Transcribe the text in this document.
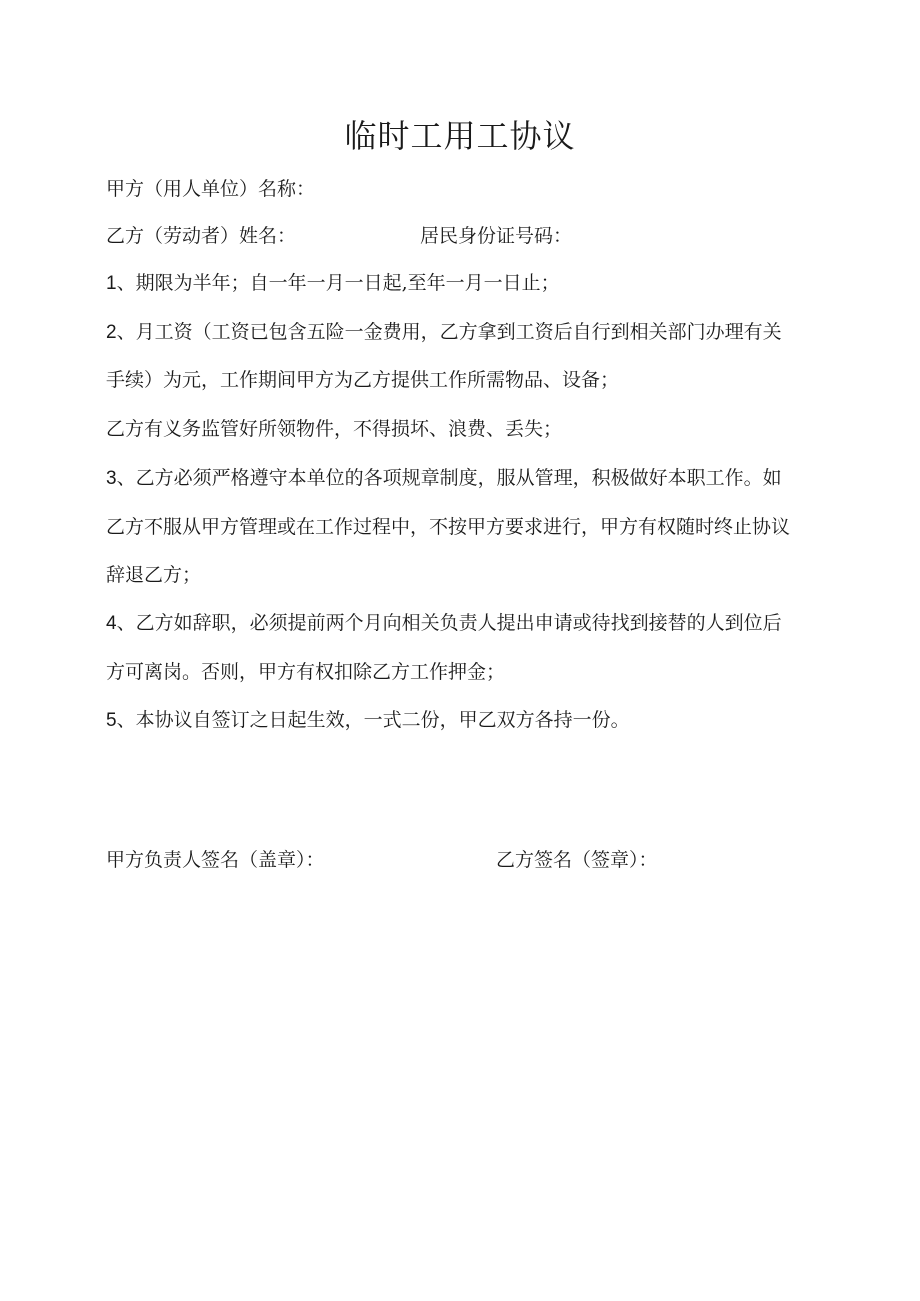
临时工用工协议

甲方（用人单位）名称：

乙方（劳动者）姓名：	居民身份证号码：

1、期限为半年；自一年一月一日起,至年一月一日止；

2、月工资（工资已包含五险一金费用，乙方拿到工资后自行到相关部门办理有关

手续）为元，工作期间甲方为乙方提供工作所需物品、设备；

乙方有义务监管好所领物件，不得损坏、浪费、丢失；

3、乙方必须严格遵守本单位的各项规章制度，服从管理，积极做好本职工作。如

乙方不服从甲方管理或在工作过程中，不按甲方要求进行，甲方有权随时终止协议

辞退乙方；

4、乙方如辞职，必须提前两个月向相关负责人提出申请或待找到接替的人到位后

方可离岗。否则，甲方有权扣除乙方工作押金；

5、本协议自签订之日起生效，一式二份，甲乙双方各持一份。

甲方负责人签名（盖章）：	乙方签名（签章）：
